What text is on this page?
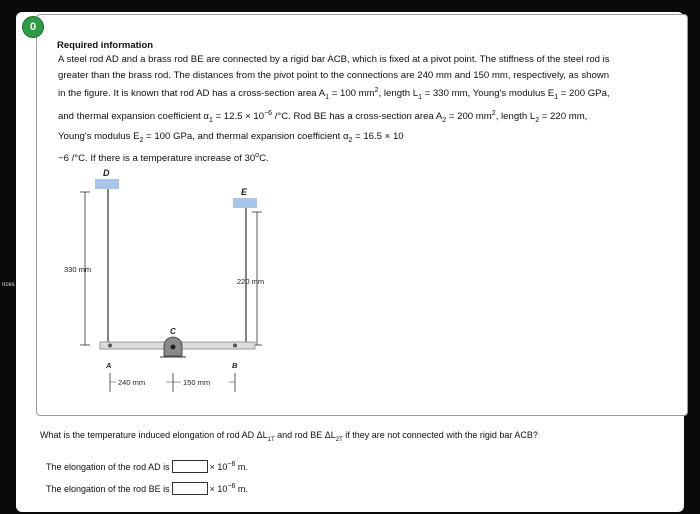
nces
0
Required information
A steel rod AD and a brass rod BE are connected by a rigid bar ACB, which is fixed at a pivot point. The stiffness of the steel rod is greater than the brass rod. The distances from the pivot point to the connections are 240 mm and 150 mm, respectively, as shown in the figure. It is known that rod AD has a cross-section area $A_1 = 100$ $mm^2$, length $L_1 = 330$ mm, Young's modulus $E_1 = 200$ GPa, and thermal expansion coefficient $\alpha_1 = 12.5 \times 10^{-6}$ /°C. Rod BE has a cross-section area $A_2 = 200$ $mm^2$, length $L_2 = 220$ mm, Young's modulus $E_2 = 100$ GPa, and thermal expansion coefficient $\alpha_2 = 16.5 \times 10$
−6 /°C. If there is a temperature increase of 30$^o$C.
D
E
330 mm
220 mm
C
A	B
240 mm	150 mm
What is the temperature induced elongation of rod AD $\Delta L_{1T}$ and rod BE $\Delta L_{2T}$ if they are not connected with the rigid bar ACB?
The elongation of the rod AD is	× $10^{-6}$ m.
The elongation of the rod BE is	× $10^{-6}$ m.
